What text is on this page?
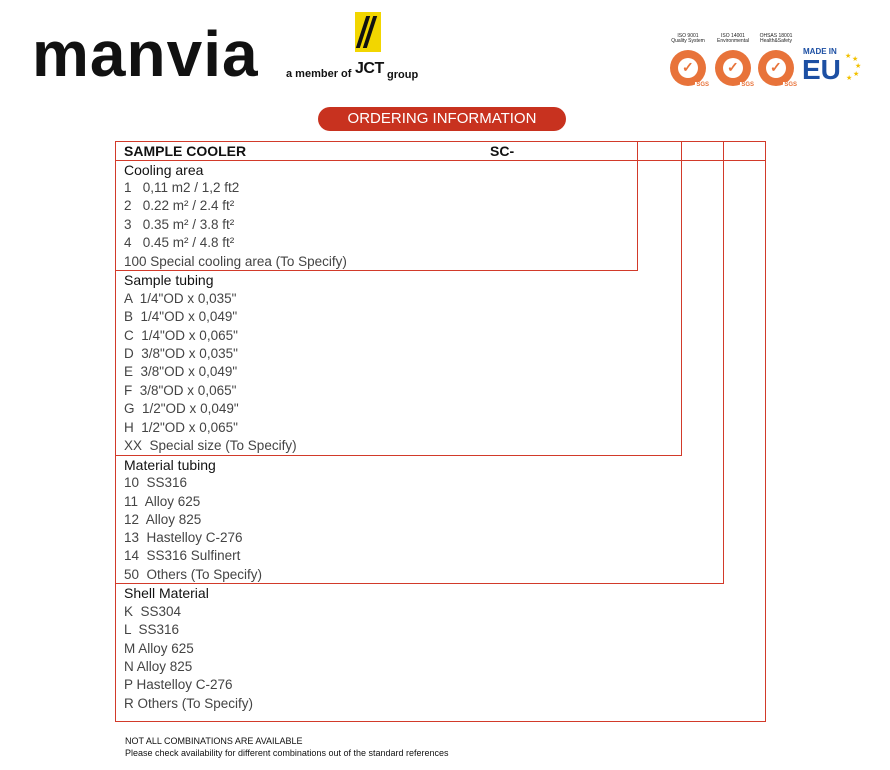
manvia a member of JCT group
ISO 9001
Quality System
✓
SGS
ISO 14001
Environmental
✓
SGS
OHSAS 18001
Health&Safety
✓
SGS
MADE IN
EU ★ ★
★
★
★
ORDERING INFORMATION
SAMPLE COOLER	SC-
Cooling area
1   0,11 m2 / 1,2 ft2
2   0.22 m² / 2.4 ft²
3   0.35 m² / 3.8 ft²
4   0.45 m² / 4.8 ft²
100 Special cooling area (To Specify)
Sample tubing
A  1/4"OD x 0,035"
B  1/4"OD x 0,049"
C  1/4"OD x 0,065"
D  3/8"OD x 0,035"
E  3/8"OD x 0,049"
F  3/8"OD x 0,065"
G  1/2"OD x 0,049"
H  1/2"OD x 0,065"
XX  Special size (To Specify)
Material tubing
10  SS316
11  Alloy 625
12  Alloy 825
13  Hastelloy C-276
14  SS316 Sulfinert
50  Others (To Specify)
Shell Material
K  SS304
L  SS316
M Alloy 625
N Alloy 825
P Hastelloy C-276
R Others (To Specify)
NOT ALL COMBINATIONS ARE AVAILABLE
Please check availability for different combinations out of the standard references
